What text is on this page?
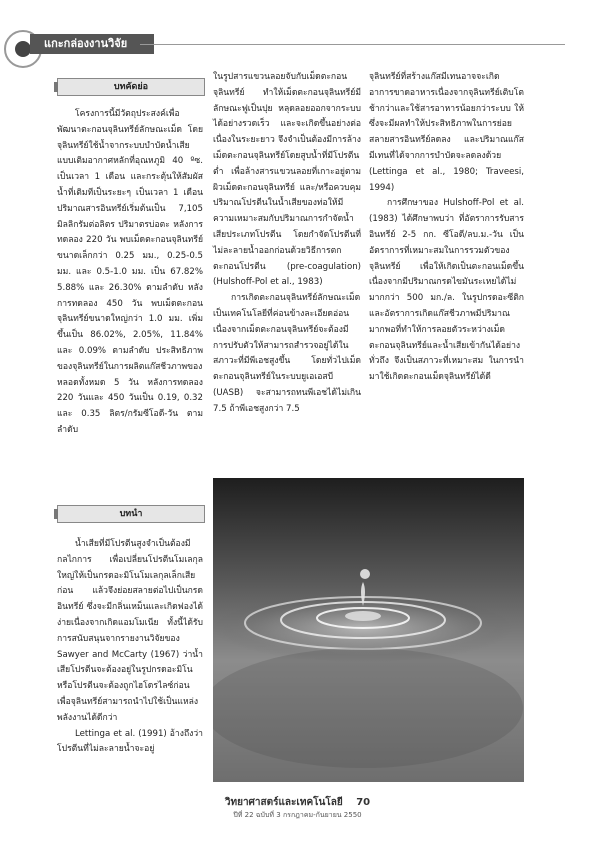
แกะกล่องงานวิจัย
บทคัดย่อ

โครงการนี้มีวัตถุประสงค์เพื่อพัฒนาตะกอนจุลินทรีย์ลักษณะเม็ด โดยจุลินทรีย์ใช้น้ำจากระบบบำบัดน้ำเสียแบบเติมอากาศหลักที่อุณหภูมิ 40 ºซ. เป็นเวลา 1 เดือน และกระตุ้นให้สัมผัสน้ำที่เติมทีเป็นระยะๆ เป็นเวลา 1 เดือน ปริมาณสารอินทรีย์เริ่มต้นเป็น 7,105 มิลลิกรัมต่อลิตร ปริมาตรบ่อตะ หลังการทดลอง 220 วัน พบเม็ดตะกอนจุลินทรีย์ขนาดเล็กกว่า 0.25 มม., 0.25-0.5 มม. และ 0.5-1.0 มม. เป็น 67.82% 5.88% และ 26.30% ตามลำดับ หลังการทดลอง 450 วัน พบเม็ดตะกอนจุลินทรีย์ขนาดใหญ่กว่า 1.0 มม. เพิ่มขึ้นเป็น 86.02%, 2.05%, 11.84% และ 0.09% ตามลำดับ ประสิทธิภาพของจุลินทรีย์ในการผลิตแก๊สชีวภาพของหลอดทั้งหมด 5 วัน หลังการทดลอง 220 วันและ 450 วันเป็น 0.19, 0.32 และ 0.35 ลิตร/กรัมซีโอดี-วัน ตามลำดับ

บทนำ

น้ำเสียที่มีโปรตีนสูงจำเป็นต้องมีกลไกการ เพื่อเปลี่ยนโปรตีนโมเลกุลใหญ่ให้เป็นกรดอะมิโนโมเลกุลเล็กเสียก่อน แล้วจึงย่อยสลายต่อไปเป็นกรดอินทรีย์ ซึ่งจะมีกลิ่นเหม็นและเกิดฟองได้ง่ายเนื่องจากเกิดแอมโมเนีย ทั้งนี้ได้รับการสนับสนุนจากรายงานวิจัยของ Sawyer and McCarty (1967) ว่าน้ำเสียโปรตีนจะต้องอยู่ในรูปกรดอะมิโนหรือโปรตีนจะต้องถูกไฮโดรไลซ์ก่อน เพื่อจุลินทรีย์สามารถนำไปใช้เป็นแหล่งพลังงานได้ดีกว่า

Lettinga et al. (1991) อ้างถึงว่าโปรตีนที่ไม่ละลายน้ำจะอยู่

ในรูปสารแขวนลอยจับกับเม็ดตะกอน จุลินทรีย์ ทำให้เม็ดตะกอนจุลินทรีย์มีลักษณะฟูเป็นปุย หลุดลอยออกจากระบบได้อย่างรวดเร็ว และจะเกิดขึ้นอย่างต่อเนื่องในระยะยาว จึงจำเป็นต้องมีการล้างเม็ดตะกอนจุลินทรีย์โดยสูบน้ำที่มีโปรตีนต่ำ เพื่อล้างสารแขวนลอยที่เกาะอยู่ตามผิวเม็ดตะกอนจุลินทรีย์ และ/หรือควบคุมปริมาณโปรตีนในน้ำเสียของท่อให้มีความเหมาะสมกับปริมาณการกำจัดน้ำเสียประเภทโปรตีน โดยกำจัดโปรตีนที่ไม่ละลายน้ำออกก่อนด้วยวิธีการตกตะกอนโปรตีน (pre-coagulation) (Hulshoff-Pol et al., 1983)

การเกิดตะกอนจุลินทรีย์ลักษณะเม็ดเป็นเทคโนโลยีที่ค่อนข้างละเอียดอ่อน เนื่องจากเม็ดตะกอนจุลินทรีย์จะต้องมีการปรับตัวให้สามารถสำรวจอยู่ได้ในสภาวะที่มีพีเอชสูงขึ้น โดยทั่วไปเม็ดตะกอนจุลินทรีย์ในระบบยูเอเอสบี (UASB) จะสามารถทนพีเอชได้ไม่เกิน 7.5 ถ้าพีเอชสูงกว่า 7.5

จุลินทรีย์ที่สร้างแก๊สมีเทนอาจจะเกิดอาการขาดอาหารเนื่องจากจุลินทรีย์เติบโตช้ากว่าและใช้สารอาหารน้อยกว่าระบบ ให้ ซึ่งจะมีผลทำให้ประสิทธิภาพในการย่อยสลายสารอินทรีย์ลดลง และปริมาณแก๊สมีเทนที่ได้จากการบำบัดจะลดลงด้วย (Lettinga et al., 1980; Traveesi, 1994)

การศึกษาของ Hulshoff-Pol et al. (1983) ได้ศึกษาพบว่า ที่อัตราการรับสารอินทรีย์ 2-5 กก. ซีโอดี/ลบ.ม.-วัน เป็นอัตราการที่เหมาะสมในการรวมตัวของจุลินทรีย์ เพื่อให้เกิดเป็นตะกอนเม็ดขึ้น เนื่องจากมีปริมาณกรดไขมันระเหยได้ไม่มากกว่า 500 มก./ล. ในรูปกรดอะซีติก และอัตราการเกิดแก๊สชีวภาพมีปริมาณมากพอที่ทำให้การลอยตัวระหว่างเม็ดตะกอนจุลินทรีย์และน้ำเสียเข้ากันได้อย่างทั่วถึง จึงเป็นสภาวะที่เหมาะสม ในการนำมาใช้เกิดตะกอนเม็ดจุลินทรีย์ได้ดี

วิทยาศาสตร์และเทคโนโลยี 70
ปีที่ 22 ฉบับที่ 3 กรกฎาคม-กันยายน 2550
